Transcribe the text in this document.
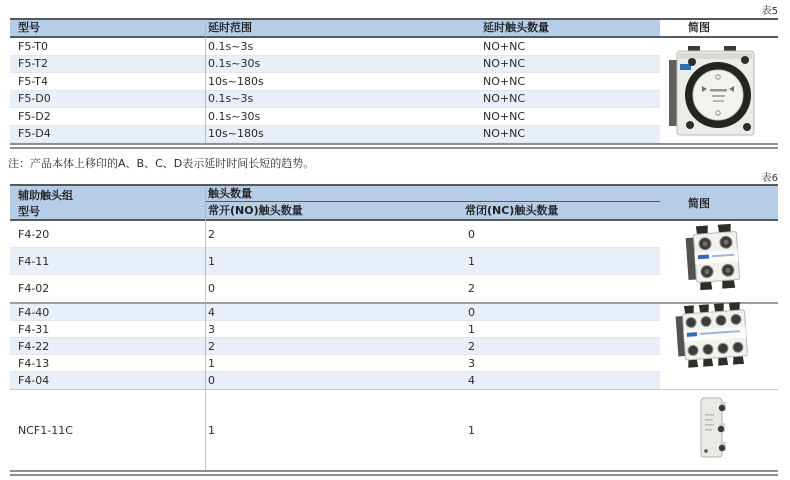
表5
表6
型号	延时范围	延时触头数量	简图
F5-T0	0.1s~3s	NO+NC
F5-T2	0.1s~30s	NO+NC
F5-T4	10s~180s	NO+NC
F5-D0	0.1s~3s	NO+NC
F5-D2	0.1s~30s	NO+NC
F5-D4	10s~180s	NO+NC
注：产品本体上移印的A、B、C、D表示延时时间长短的趋势。
辅助触头组
型号
触头数量
常开(NO)触头数量	常闭(NC)触头数量
简图
F4-20	2	0
F4-11	1	1
F4-02	0	2
F4-40	4	0
F4-31	3	1
F4-22	2	2
F4-13	1	3
F4-04	0	4
NCF1-11C	1	1
